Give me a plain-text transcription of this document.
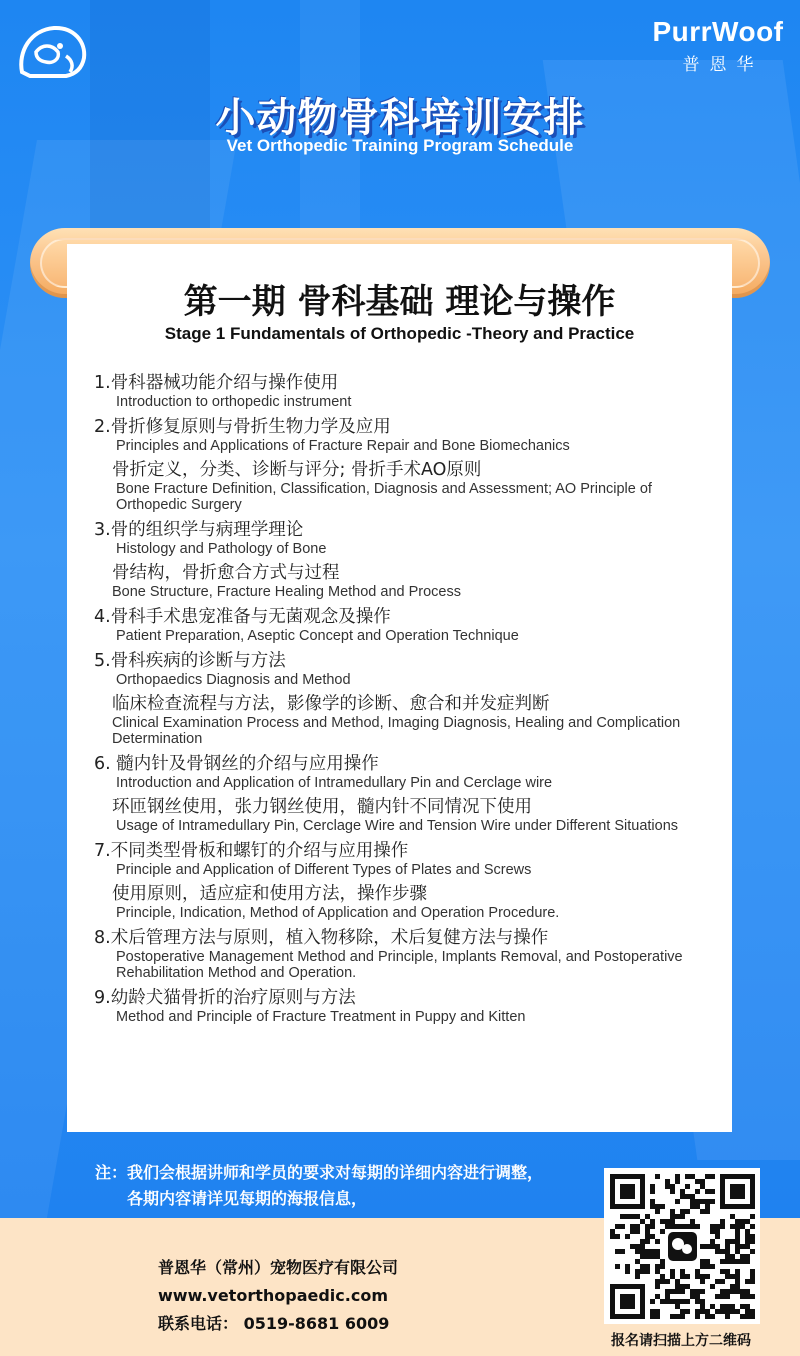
PurrWoof
普恩华
小动物骨科培训安排
Vet Orthopedic Training Program Schedule
第一期 骨科基础 理论与操作
Stage 1 Fundamentals of Orthopedic -Theory and Practice
1.骨科器械功能介绍与操作使用
Introduction to orthopedic instrument
2.骨折修复原则与骨折生物力学及应用
Principles and Applications of Fracture Repair and Bone Biomechanics
骨折定义，分类、诊断与评分; 骨折手术AO原则
Bone Fracture Definition, Classification, Diagnosis and Assessment; AO Principle of Orthopedic Surgery
3.骨的组织学与病理学理论
Histology and Pathology of Bone
骨结构，骨折愈合方式与过程
Bone Structure, Fracture Healing Method and Process
4.骨科手术患宠准备与无菌观念及操作
Patient Preparation, Aseptic Concept and Operation Technique
5.骨科疾病的诊断与方法
Orthopaedics Diagnosis and Method
临床检查流程与方法，影像学的诊断、愈合和并发症判断
Clinical Examination Process and Method, Imaging Diagnosis, Healing and Complication Determination
6. 髓内针及骨钢丝的介绍与应用操作
Introduction and Application of Intramedullary Pin and Cerclage wire
环匝钢丝使用，张力钢丝使用，髓内针不同情况下使用
Usage of Intramedullary Pin, Cerclage Wire and Tension Wire under Different Situations
7.不同类型骨板和螺钉的介绍与应用操作
Principle and Application of Different Types of Plates and Screws
使用原则，适应症和使用方法，操作步骤
Principle, Indication, Method of Application and Operation Procedure.
8.术后管理方法与原则，植入物移除，术后复健方法与操作
Postoperative Management Method and Principle, Implants Removal, and Postoperative Rehabilitation Method and Operation.
9.幼龄犬猫骨折的治疗原则与方法
Method and Principle of Fracture Treatment in Puppy and Kitten
注：我们会根据讲师和学员的要求对每期的详细内容进行调整，
各期内容请详见每期的海报信息，
普恩华（常州）宠物医疗有限公司
www.vetorthopaedic.com
联系电话： 0519-8681 6009
报名请扫描上方二维码
